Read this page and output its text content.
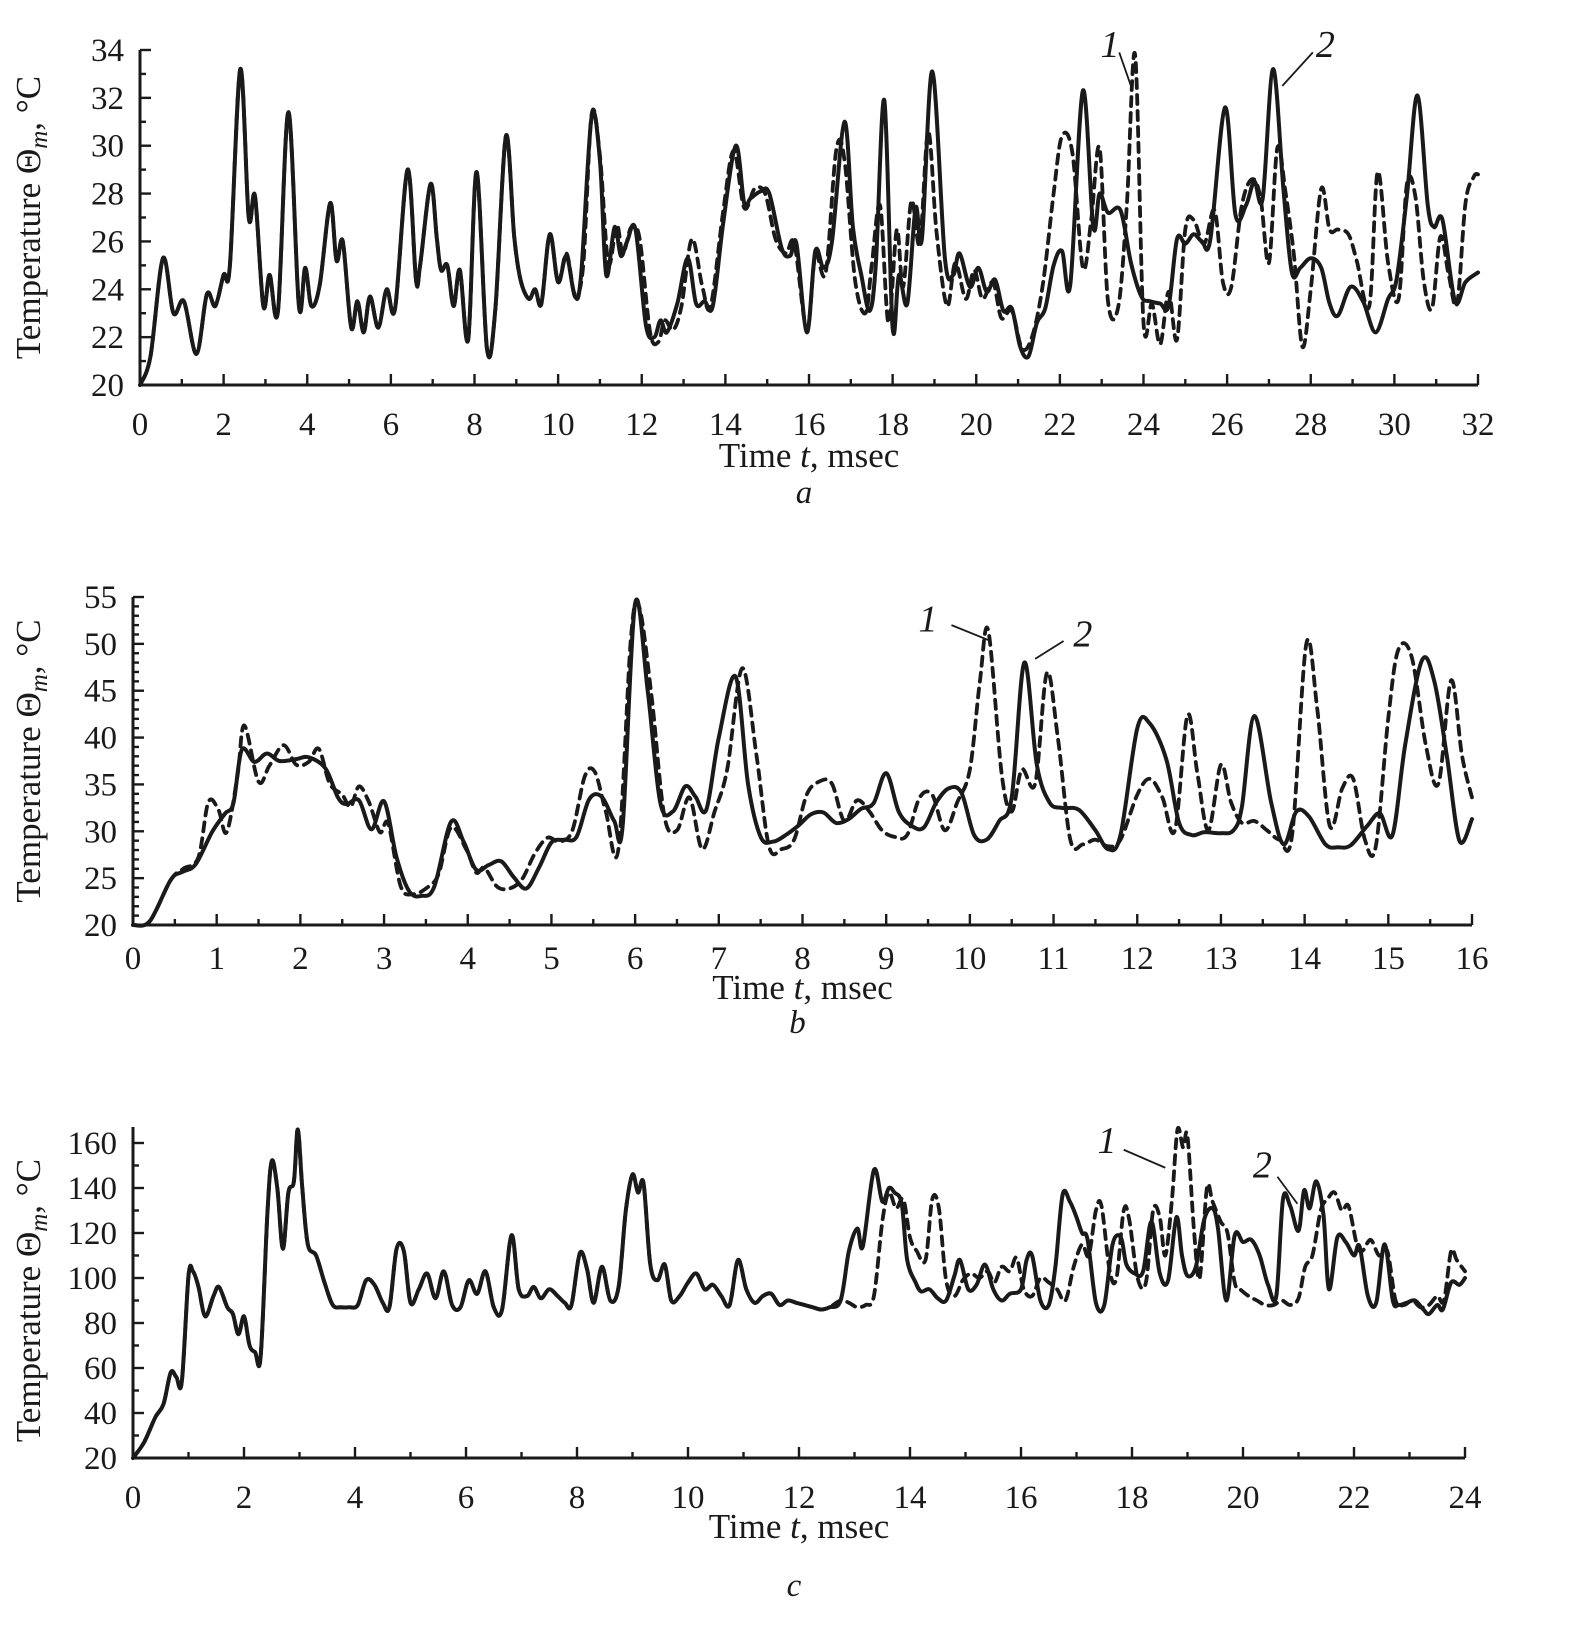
0 2 4 6 8 10 12 14 16 18 20 22 24 26 28 30 32
20
22
24
26
28
30
32
34	1	2
Time t, msec
Temperature $\Theta_m$, °C
a
0 1 2 3 4 5 6 7 8 9 10 11 12 13 14 15 16
20
25
30
35
40
45
50
55
1	2
Time t, msec
Temperature $\Theta_m$, °C
b
0	2	4	6	8	10 12 14 16 18 20 22 24
20
40
60
80
100
120
140
160	1
2
Time t, msec
Temperature $\Theta_m$, °C
c
